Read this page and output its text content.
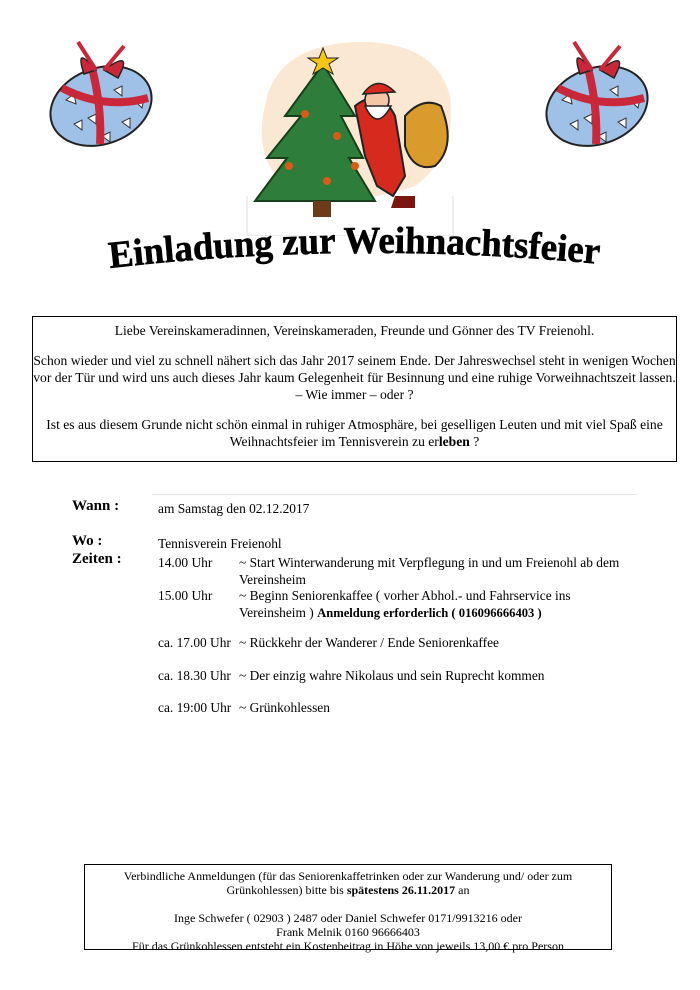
Einladung zur Weihnachtsfeier

Liebe Vereinskameradinnen, Vereinskameraden, Freunde und Gönner des TV Freienohl.

Schon wieder und viel zu schnell nähert sich das Jahr 2017 seinem Ende. Der Jahreswechsel steht in wenigen Wochen vor der Tür und wird uns auch dieses Jahr kaum Gelegenheit für Besinnung und eine ruhige Vorweihnachtszeit lassen. – Wie immer – oder ?

Ist es aus diesem Grunde nicht schön einmal in ruhiger Atmosphäre, bei geselligen Leuten und mit viel Spaß eine Weihnachtsfeier im Tennisverein zu erleben ?

Wann :	am Samstag den 02.12.2017
Wo :	Tennisverein Freienohl
Zeiten :	14.00 Uhr ~ Start Winterwanderung mit Verpflegung in und um Freienohl ab dem Vereinsheim
15.00 Uhr ~ Beginn Seniorenkaffee ( vorher Abhol.- und Fahrservice ins Vereinsheim ) Anmeldung erforderlich ( 016096666403 )
ca. 17.00 Uhr ~ Rückkehr der Wanderer / Ende Seniorenkaffee
ca. 18.30 Uhr ~ Der einzig wahre Nikolaus und sein Ruprecht kommen
ca. 19:00 Uhr ~ Grünkohlessen

Verbindliche Anmeldungen (für das Seniorenkaffetrinken oder zur Wanderung und/ oder zum Grünkohlessen) bitte bis spätestens 26.11.2017 an

Inge Schwefer ( 02903 ) 2487 oder Daniel Schwefer 0171/9913216 oder

Frank Melnik 0160 96666403

Für das Grünkohlessen entsteht ein Kostenbeitrag in Höhe von jeweils 13,00 € pro Person
